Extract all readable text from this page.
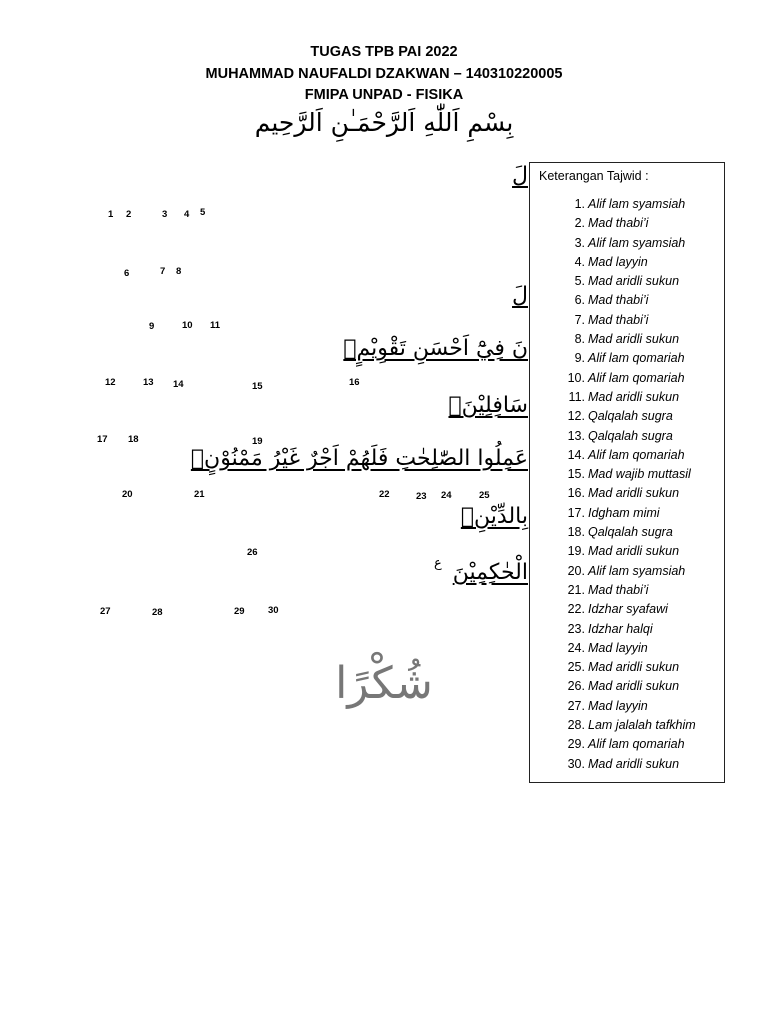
TUGAS TPB PAI 2022
MUHAMMAD NAUFALDI DZAKWAN – 140310220005
FMIPA UNPAD - FISIKA
بِسْمِ اَللّٰهِ اَلرَّحْمَـٰنِ اَلرَّحِيم
لَ
لَ
نَ فِيْٓ اَحْسَنِ تَقْوِيْمٍۖ
سَافِلِيْنَۙ
ِعَمِلُوا الصّٰلِحٰتِ فَلَهُمْ اَجْرٌ غَيْرُ مَمْنُوْنٍۗ
بِالدِّيْنِۗ
الْحٰكِمِيْنَ
ع
1 2	3 4 5
6	7 8
9	10 11
12	13 14	15	16
17 18	19
20	21	22	23 24	25
26
27	28	29 30
Keterangan Tajwid :
1. Alif lam syamsiah
2. Mad thabi’i
3. Alif lam syamsiah
4. Mad layyin
5. Mad aridli sukun
6. Mad thabi’i
7. Mad thabi’i
8. Mad aridli sukun
9. Alif lam qomariah
10. Alif lam qomariah
11. Mad aridli sukun
12. Qalqalah sugra
13. Qalqalah sugra
14. Alif lam qomariah
15. Mad wajib muttasil
16. Mad aridli sukun
17. Idgham mimi
18. Qalqalah sugra
19. Mad aridli sukun
20. Alif lam syamsiah
21. Mad thabi’i
22. Idzhar syafawi
23. Idzhar halqi
24. Mad layyin
25. Mad aridli sukun
26. Mad aridli sukun
27. Mad layyin
28. Lam jalalah tafkhim
29. Alif lam qomariah
30. Mad aridli sukun
شُكْرًا
